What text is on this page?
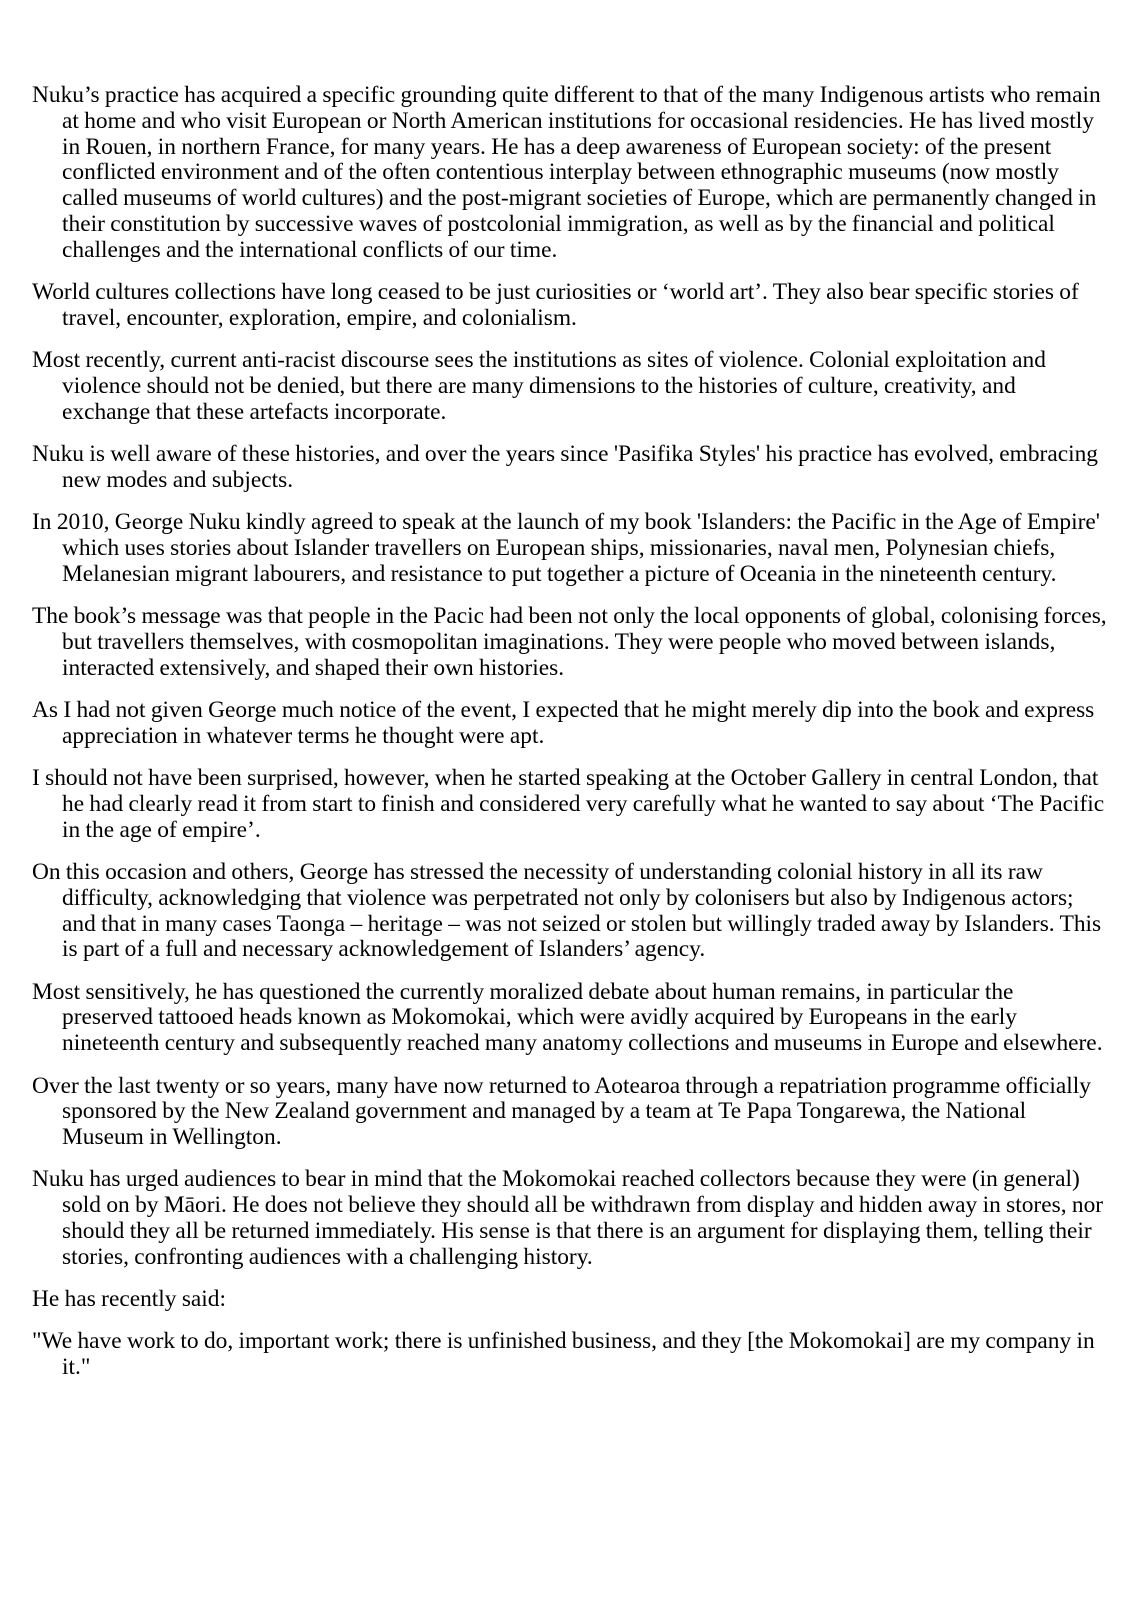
Nuku’s practice has acquired a specific grounding quite different to that of the many Indigenous artists who remain at home and who visit European or North American institutions for occasional residencies. He has lived mostly in Rouen, in northern France, for many years. He has a deep awareness of European society: of the present conflicted environment and of the often contentious interplay between ethnographic museums (now mostly called museums of world cultures) and the post-migrant societies of Europe, which are permanently changed in their constitution by successive waves of postcolonial immigration, as well as by the financial and political challenges and the international conflicts of our time.

World cultures collections have long ceased to be just curiosities or ‘world art’. They also bear specific stories of travel, encounter, exploration, empire, and colonialism.

Most recently, current anti-racist discourse sees the institutions as sites of violence. Colonial exploitation and violence should not be denied, but there are many dimensions to the histories of culture, creativity, and exchange that these artefacts incorporate.

Nuku is well aware of these histories, and over the years since 'Pasifika Styles' his practice has evolved, embracing new modes and subjects.

In 2010, George Nuku kindly agreed to speak at the launch of my book 'Islanders: the Pacific in the Age of Empire' which uses stories about Islander travellers on European ships, missionaries, naval men, Polynesian chiefs, Melanesian migrant labourers, and resistance to put together a picture of Oceania in the nineteenth century.

The book’s message was that people in the Pacic had been not only the local opponents of global, colonising forces, but travellers themselves, with cosmopolitan imaginations. They were people who moved between islands, interacted extensively, and shaped their own histories.

As I had not given George much notice of the event, I expected that he might merely dip into the book and express appreciation in whatever terms he thought were apt.

I should not have been surprised, however, when he started speaking at the October Gallery in central London, that he had clearly read it from start to finish and considered very carefully what he wanted to say about ‘The Pacific in the age of empire’.

On this occasion and others, George has stressed the necessity of understanding colonial history in all its raw difficulty, acknowledging that violence was perpetrated not only by colonisers but also by Indigenous actors; and that in many cases Taonga – heritage – was not seized or stolen but willingly traded away by Islanders. This is part of a full and necessary acknowledgement of Islanders’ agency.

Most sensitively, he has questioned the currently moralized debate about human remains, in particular the preserved tattooed heads known as Mokomokai, which were avidly acquired by Europeans in the early nineteenth century and subsequently reached many anatomy collections and museums in Europe and elsewhere.

Over the last twenty or so years, many have now returned to Aotearoa through a repatriation programme officially sponsored by the New Zealand government and managed by a team at Te Papa Tongarewa, the National Museum in Wellington.

Nuku has urged audiences to bear in mind that the Mokomokai reached collectors because they were (in general) sold on by Māori. He does not believe they should all be withdrawn from display and hidden away in stores, nor should they all be returned immediately. His sense is that there is an argument for displaying them, telling their stories, confronting audiences with a challenging history.

He has recently said:

"We have work to do, important work; there is unfinished business, and they [the Mokomokai] are my company in it."
